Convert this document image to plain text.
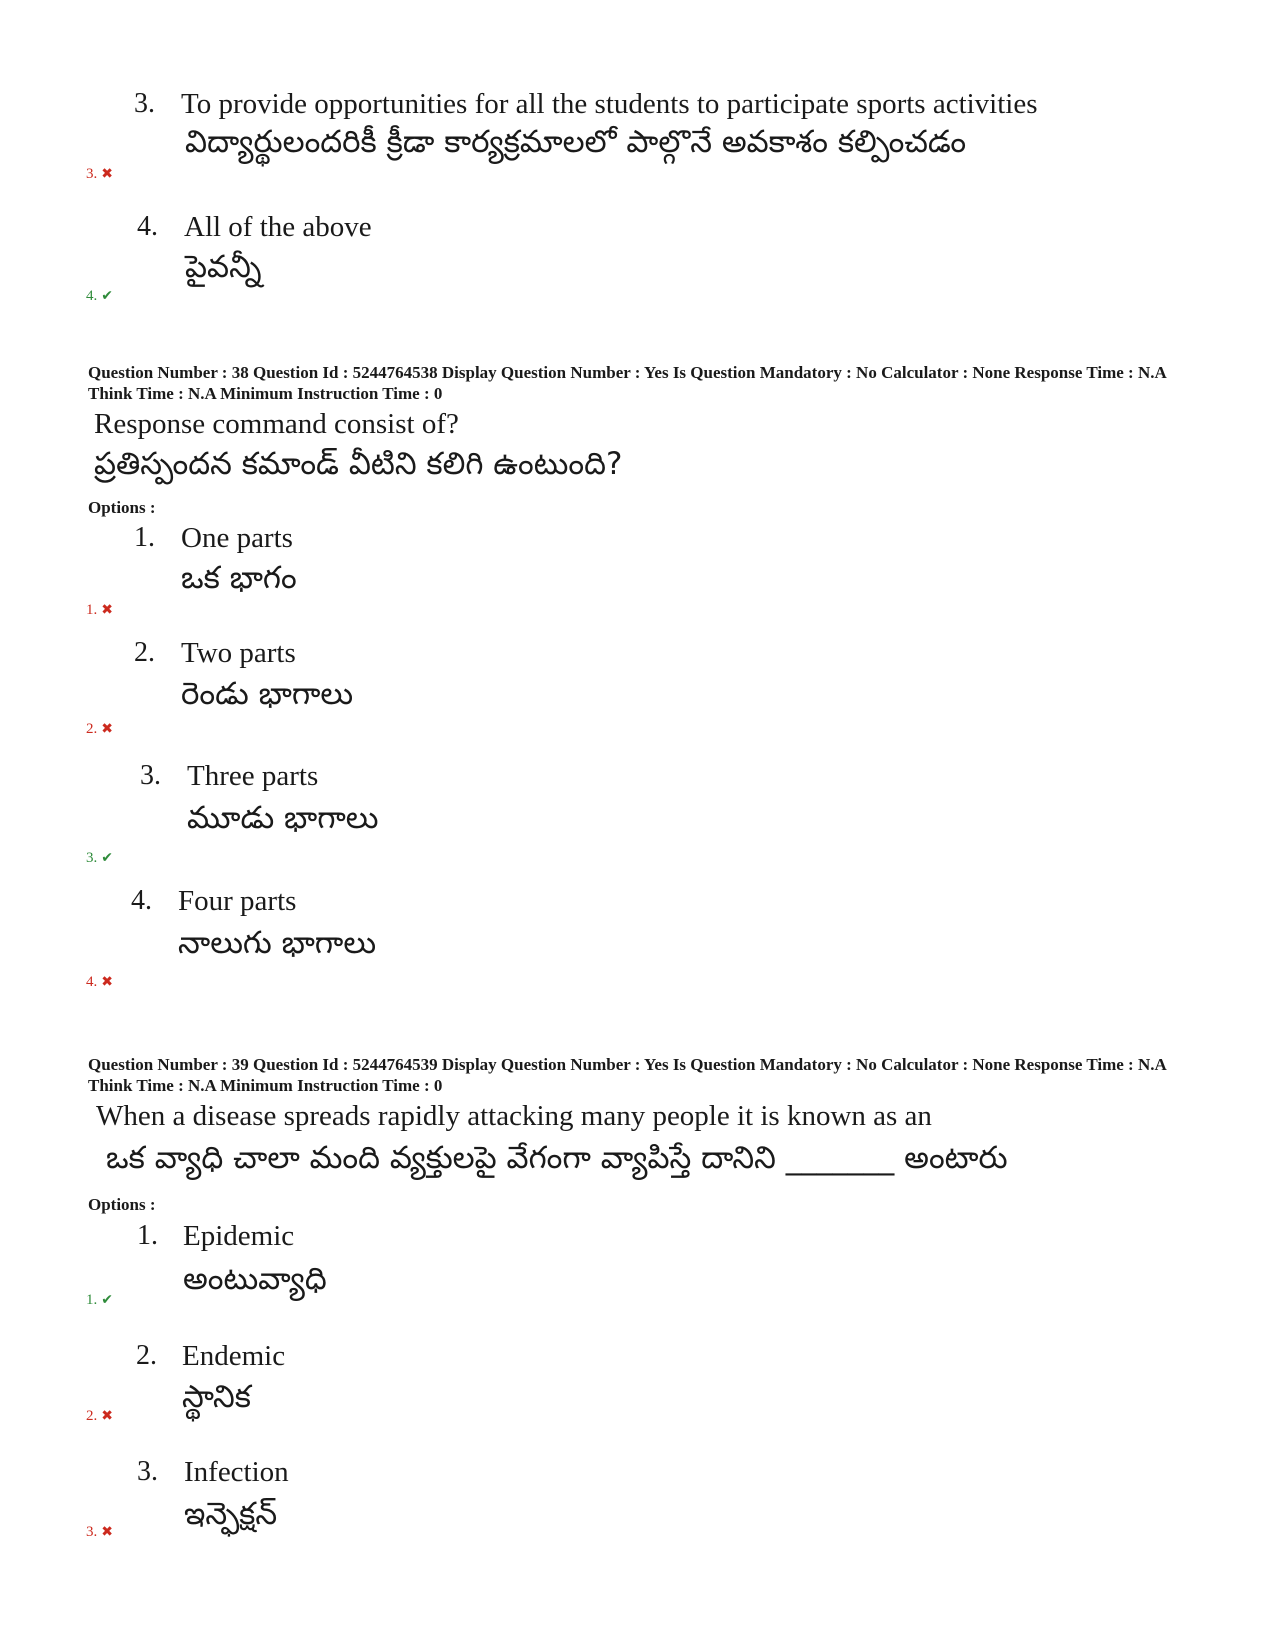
3. To provide opportunities for all the students to participate sports activities
విద్యార్థులందరికీ క్రీడా కార్యక్రమాలలో పాల్గొనే అవకాశం కల్పించడం
3. ✖
4. All of the above
పైవన్నీ
4. ✔
Question Number : 38 Question Id : 5244764538 Display Question Number : Yes Is Question Mandatory : No Calculator : None Response Time : N.A Think Time : N.A Minimum Instruction Time : 0
Response command consist of?
ప్రతిస్పందన కమాండ్ వీటిని కలిగి ఉంటుంది?
Options :
1. One parts
ఒక భాగం
1. ✖
2. Two parts
రెండు భాగాలు
2. ✖
3. Three parts
మూడు భాగాలు
3. ✔
4. Four parts
నాలుగు భాగాలు
4. ✖
Question Number : 39 Question Id : 5244764539 Display Question Number : Yes Is Question Mandatory : No Calculator : None Response Time : N.A Think Time : N.A Minimum Instruction Time : 0
When a disease spreads rapidly attacking many people it is known as an
ఒక వ్యాధి చాలా మంది వ్యక్తులపై వేగంగా వ్యాపిస్తే దానిని _______ అంటారు
Options :
1. Epidemic
అంటువ్యాధి
1. ✔
2. Endemic
స్థానిక
2. ✖
3. Infection
ఇన్ఫెక్షన్
3. ✖
